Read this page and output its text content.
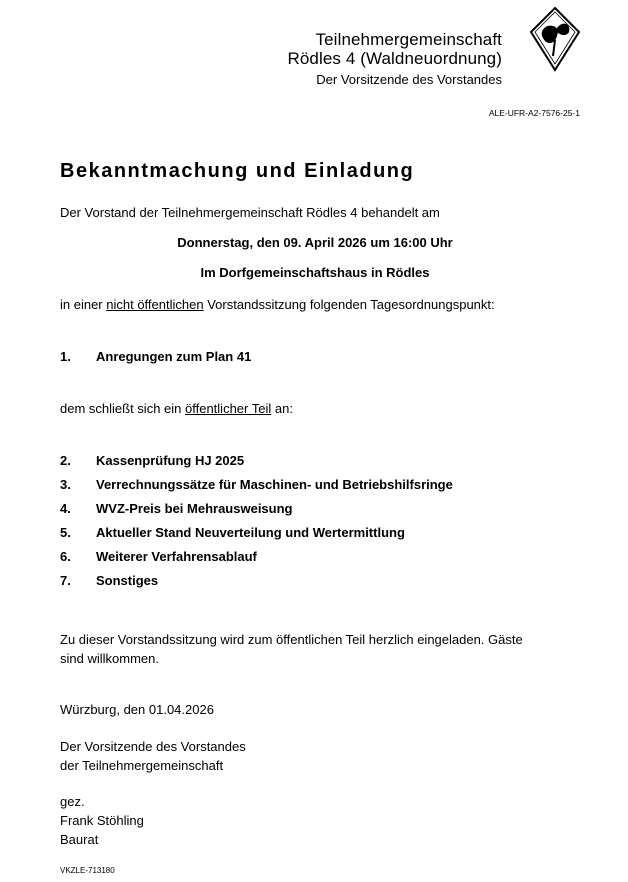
Teilnehmergemeinschaft
Rödles 4 (Waldneuordnung)
Der Vorsitzende des Vorstandes
ALE-UFR-A2-7576-25-1
Bekanntmachung und Einladung
Der Vorstand der Teilnehmergemeinschaft Rödles 4 behandelt am
Donnerstag, den 09. April 2026 um 16:00 Uhr
Im Dorfgemeinschaftshaus in Rödles
in einer nicht öffentlichen Vorstandssitzung folgenden Tagesordnungspunkt:
1. Anregungen zum Plan 41
dem schließt sich ein öffentlicher Teil an:
2. Kassenprüfung HJ 2025
3. Verrechnungssätze für Maschinen- und Betriebshilfsringe
4. WVZ-Preis bei Mehrausweisung
5. Aktueller Stand Neuverteilung und Wertermittlung
6. Weiterer Verfahrensablauf
7. Sonstiges
Zu dieser Vorstandssitzung wird zum öffentlichen Teil herzlich eingeladen. Gäste
sind willkommen.
Würzburg, den 01.04.2026
Der Vorsitzende des Vorstandes
der Teilnehmergemeinschaft
gez.
Frank Stöhling
Baurat
VKZLE-713180
